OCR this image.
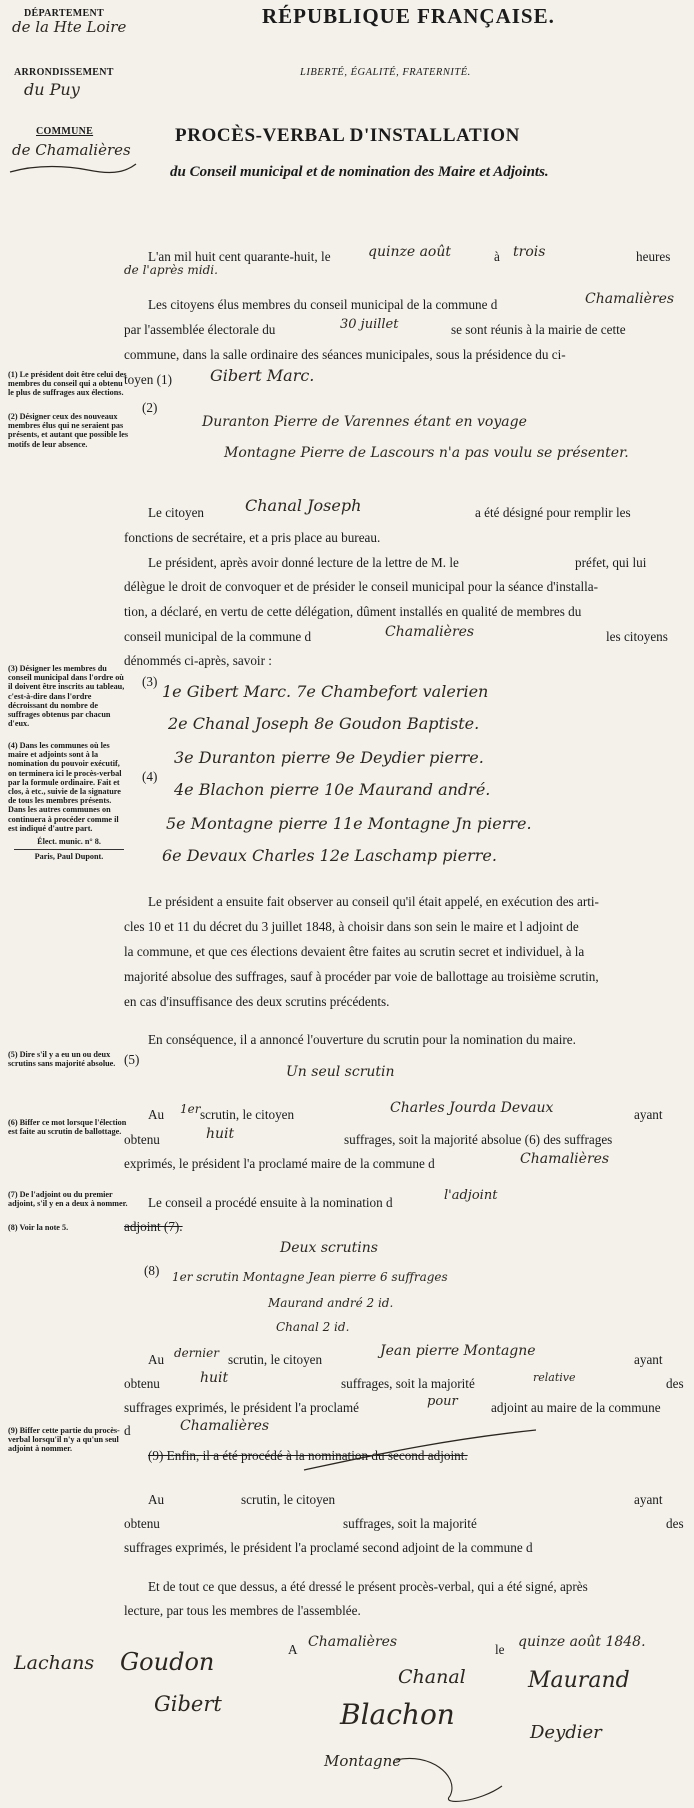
DÉPARTEMENT
de la Hte Loire
ARRONDISSEMENT
du Puy
COMMUNE
de Chamalières
RÉPUBLIQUE FRANÇAISE.
LIBERTÉ, ÉGALITÉ, FRATERNITÉ.
PROCÈS-VERBAL D'INSTALLATION
du Conseil municipal et de nomination des Maire et Adjoints.
L'an mil huit cent quarante-huit, le	quinze août	à trois	heures
de l'après midi.
Les citoyens élus membres du conseil municipal de la commune d	Chamalières
par l'assemblée électorale du	30 juillet	se sont réunis à la mairie de cette
commune, dans la salle ordinaire des séances municipales, sous la présidence du ci-
toyen (1) Gibert Marc.
(2)
Duranton Pierre de Varennes étant en voyage
Montagne Pierre de Lascours n'a pas voulu se présenter.
Le citoyen	Chanal Joseph	a été désigné pour remplir les
fonctions de secrétaire, et a pris place au bureau.
Le président, après avoir donné lecture de la lettre de M. le	préfet, qui lui
délègue le droit de convoquer et de présider le conseil municipal pour la séance d'installa-
tion, a déclaré, en vertu de cette délégation, dûment installés en qualité de membres du
conseil municipal de la commune d	Chamalières	les citoyens
dénommés ci-après, savoir :
(3)
(4)
1e Gibert Marc. 7e Chambefort valerien
2e Chanal Joseph 8e Goudon Baptiste.
3e Duranton pierre 9e Deydier pierre.
4e Blachon pierre 10e Maurand andré.
5e Montagne pierre 11e Montagne Jn pierre.
6e Devaux Charles 12e Laschamp pierre.
Le président a ensuite fait observer au conseil qu'il était appelé, en exécution des arti-
cles 10 et 11 du décret du 3 juillet 1848, à choisir dans son sein le maire et l adjoint de
la commune, et que ces élections devaient être faites au scrutin secret et individuel, à la
majorité absolue des suffrages, sauf à procéder par voie de ballottage au troisième scrutin,
en cas d'insuffisance des deux scrutins précédents.
En conséquence, il a annoncé l'ouverture du scrutin pour la nomination du maire.
(5)
Un seul scrutin
Au 1er scrutin, le citoyen	Charles Jourda Devaux	ayant
obtenu	huit	suffrages, soit la majorité absolue (6) des suffrages
exprimés, le président l'a proclamé maire de la commune d	Chamalières
Le conseil a procédé ensuite à la nomination d	l'adjoint
adjoint (7).
Deux scrutins
(8) 1er scrutin Montagne Jean pierre 6 suffrages
Maurand andré 2 id.
Chanal 2 id.
Au dernier scrutin, le citoyen
Jean pierre Montagne
ayant
obtenu	huit	suffrages, soit la majorité	relative	des
suffrages exprimés, le président l'a proclamé	pour	adjoint au maire de la commune
d	Chamalières
(9) Enfin, il a été procédé à la nomination du second adjoint.
Au	scrutin, le citoyen	ayant
obtenu	suffrages, soit la majorité	des
suffrages exprimés, le président l'a proclamé second adjoint de la commune d
Et de tout ce que dessus, a été dressé le présent procès-verbal, qui a été signé, après
lecture, par tous les membres de l'assemblée.
A Chamalières	le quinze août 1848.
Lachans Goudon
Chanal	Maurand
Gibert	Blachon
Deydier
Montagne
(1) Le président doit être celui des membres du conseil qui a obtenu le plus de suffrages aux élections.
(2) Désigner ceux des nouveaux membres élus qui ne seraient pas présents, et autant que possible les motifs de leur absence.
(3) Désigner les membres du conseil municipal dans l'ordre où il doivent être inscrits au tableau, c'est-à-dire dans l'ordre décroissant du nombre de suffrages obtenus par chacun d'eux.
(4) Dans les communes où les maire et adjoints sont à la nomination du pouvoir exécutif, on terminera ici le procès-verbal par la formule ordinaire. Fait et clos, à etc., suivie de la signature de tous les membres présents. Dans les autres communes on continuera à procéder comme il est indiqué d'autre part.
Élect. munic. n° 8.
Paris, Paul Dupont.
(5) Dire s'il y a eu un ou deux scrutins sans majorité absolue.
(6) Biffer ce mot lorsque l'élection est faite au scrutin de ballottage.
(7) De l'adjoint ou du premier adjoint, s'il y en a deux à nommer.
(8) Voir la note 5.
(9) Biffer cette partie du procès-verbal lorsqu'il n'y a qu'un seul adjoint à nommer.
